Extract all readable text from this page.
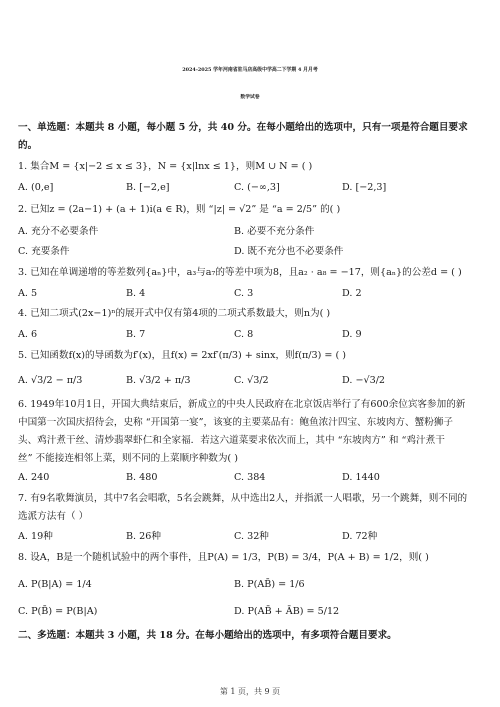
2024-2025 学年河南省驻马店高级中学高二下学期 4 月月考
数学试卷
一、单选题：本题共 8 小题，每小题 5 分，共 40 分。在每小题给出的选项中，只有一项是符合题目要求
的。
1. 集合M = {x|−2 ≤ x ≤ 3}，N = {x|lnx ≤ 1}，则M ∪ N = ( )
A. (0,e]	B. [−2,e]	C. (−∞,3]	D. [−2,3]
2. 已知z = (2a−1) + (a + 1)i(a ∈ R)，则 “|z| = √2” 是 “a = 2/5” 的( )
A. 充分不必要条件	B. 必要不充分条件
C. 充要条件	D. 既不充分也不必要条件
3. 已知在单调递增的等差数列{aₙ}中，a₃与a₇的等差中项为8，且a₂ · a₈ = −17，则{aₙ}的公差d = ( )
A. 5	B. 4	C. 3	D. 2
4. 已知二项式(2x−1)ⁿ的展开式中仅有第4项的二项式系数最大，则n为( )
A. 6	B. 7	C. 8	D. 9
5. 已知函数f(x)的导函数为f′(x)，且f(x) = 2xf′(π/3) + sinx，则f(π/3) = ( )
A. √3/2 − π/3	B. √3/2 + π/3	C. √3/2	D. −√3/2
6. 1949年10月1日，开国大典结束后，新成立的中央人民政府在北京饭店举行了有600余位宾客参加的新
中国第一次国庆招待会，史称 “开国第一宴”，该宴的主要菜品有：鲍鱼浓汁四宝、东坡肉方、蟹粉狮子
头、鸡汁煮干丝、清炒翡翠虾仁和全家福．若这六道菜要求依次而上，其中 “东坡肉方” 和 “鸡汁煮干
丝” 不能接连相邻上菜，则不同的上菜顺序种数为( )
A. 240	B. 480	C. 384	D. 1440
7. 有9名歌舞演员，其中7名会唱歌，5名会跳舞，从中选出2人，并指派一人唱歌，另一个跳舞，则不同的
选派方法有（ ）
A. 19种	B. 26种	C. 32种	D. 72种
8. 设A，B是一个随机试验中的两个事件，且P(A) = 1/3，P(B) = 3/4，P(A + B) = 1/2，则( )
A. P(B|A) = 1/4	B. P(AB̄) = 1/6
C. P(B̄) = P(B|A)	D. P(AB̄ + ĀB) = 5/12
二、多选题：本题共 3 小题，共 18 分。在每小题给出的选项中，有多项符合题目要求。
第 1 页，共 9 页
